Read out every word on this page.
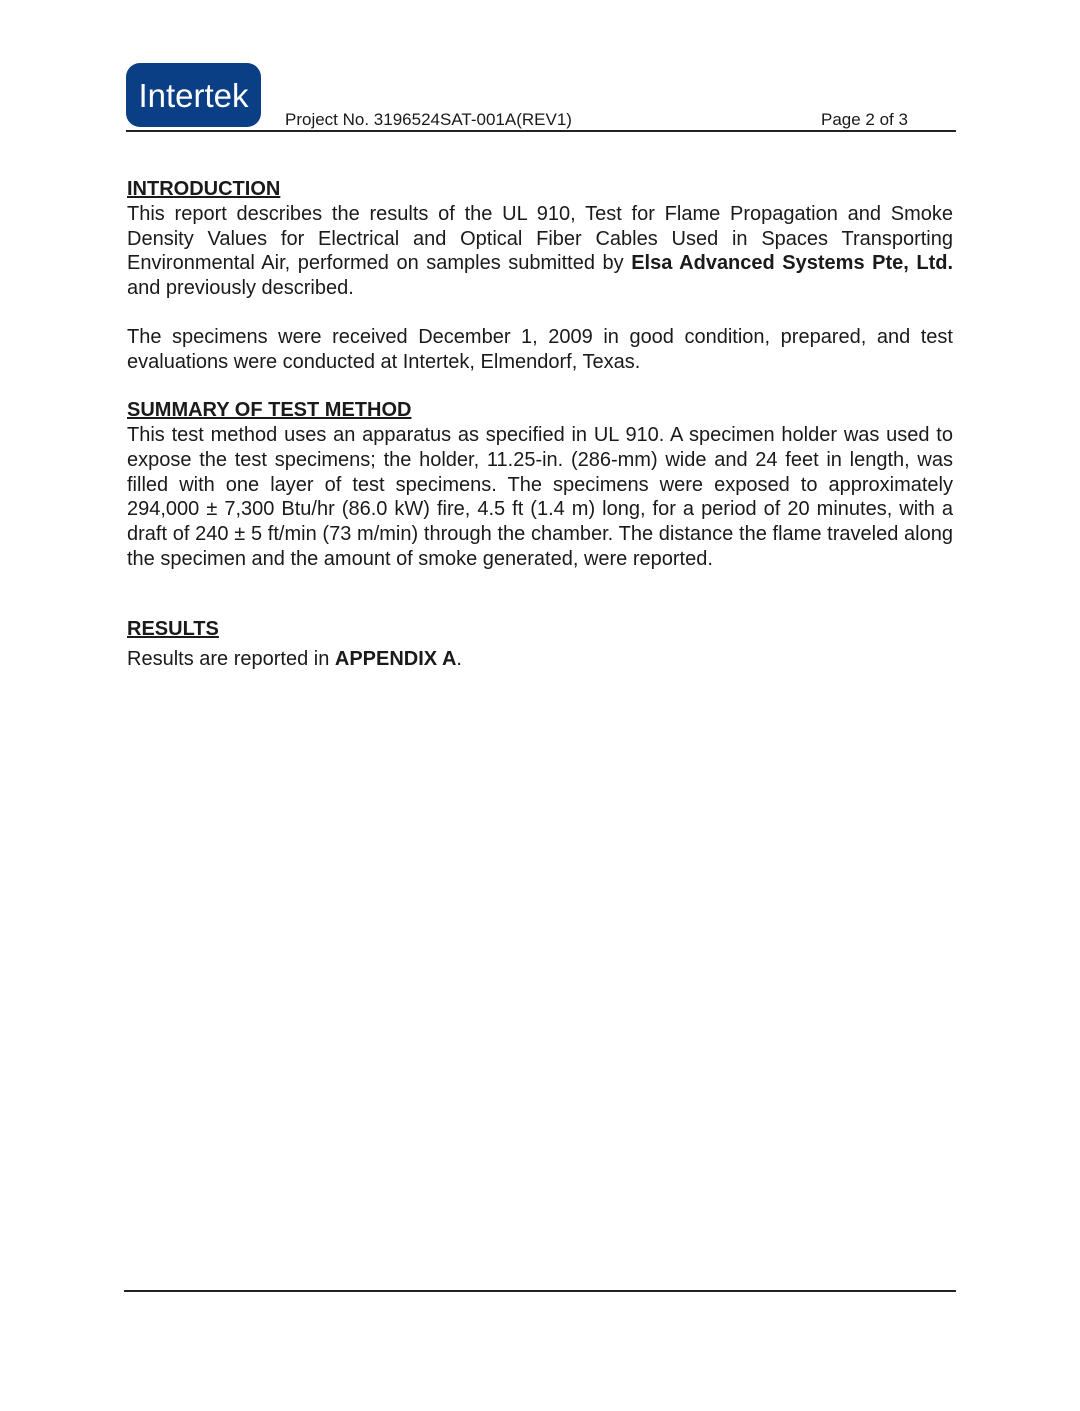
Intertek
Project No. 3196524SAT-001A(REV1)	Page 2 of 3
INTRODUCTION

This report describes the results of the UL 910, Test for Flame Propagation and Smoke Density Values for Electrical and Optical Fiber Cables Used in Spaces Transporting Environmental Air, performed on samples submitted by Elsa Advanced Systems Pte, Ltd. and previously described.

The specimens were received December 1, 2009 in good condition, prepared, and test evaluations were conducted at Intertek, Elmendorf, Texas.

SUMMARY OF TEST METHOD

This test method uses an apparatus as specified in UL 910. A specimen holder was used to expose the test specimens; the holder, 11.25-in. (286-mm) wide and 24 feet in length, was filled with one layer of test specimens. The specimens were exposed to approximately 294,000 ± 7,300 Btu/hr (86.0 kW) fire, 4.5 ft (1.4 m) long, for a period of 20 minutes, with a draft of 240 ± 5 ft/min (73 m/min) through the chamber. The distance the flame traveled along the specimen and the amount of smoke generated, were reported.

RESULTS

Results are reported in APPENDIX A.
